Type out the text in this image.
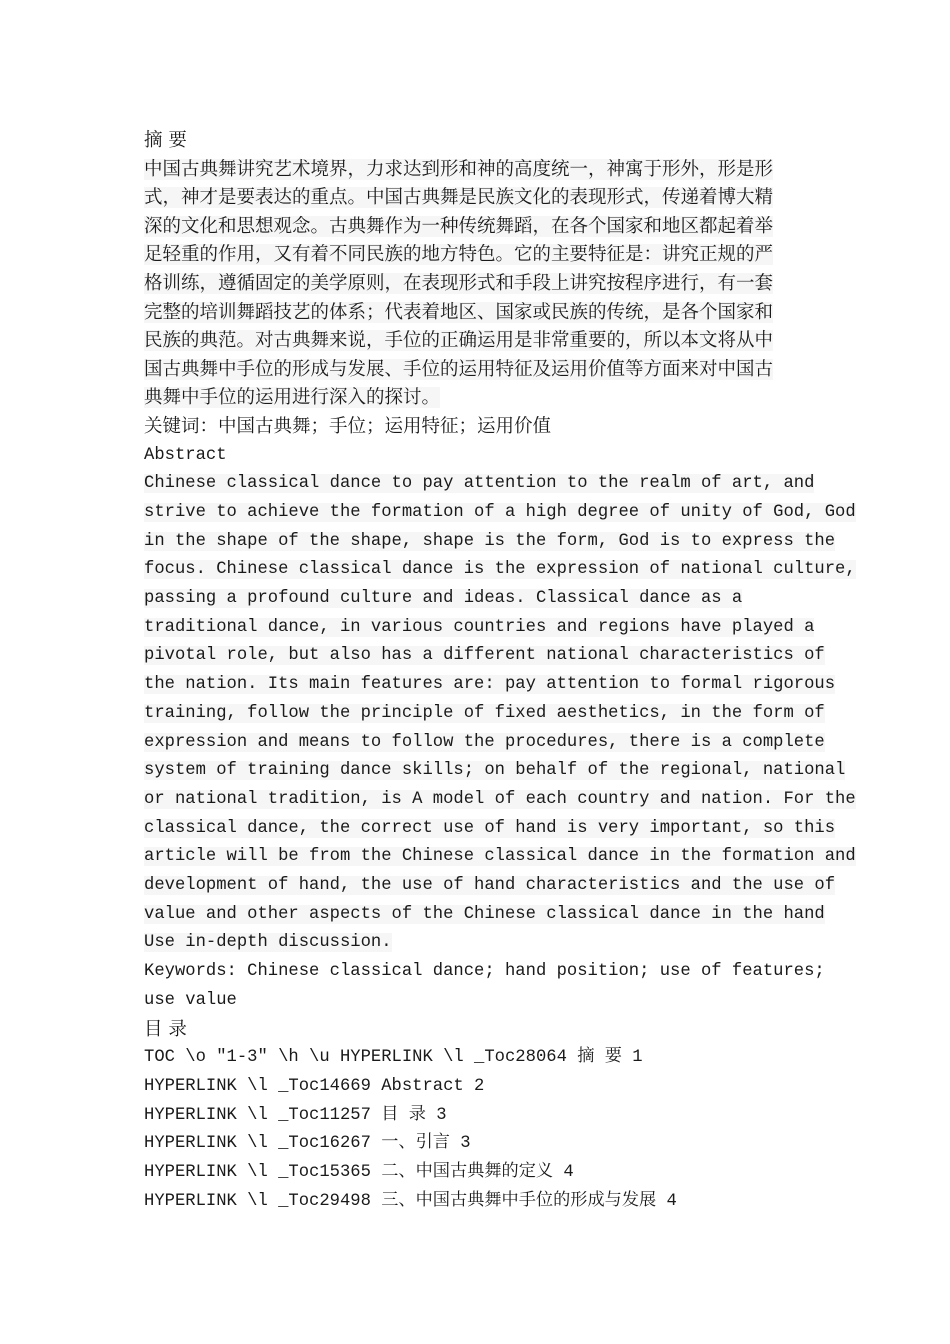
摘 要

中国古典舞讲究艺术境界，力求达到形和神的高度统一，神寓于形外，形是形
式，神才是要表达的重点。中国古典舞是民族文化的表现形式，传递着博大精
深的文化和思想观念。古典舞作为一种传统舞蹈，在各个国家和地区都起着举
足轻重的作用，又有着不同民族的地方特色。它的主要特征是：讲究正规的严
格训练，遵循固定的美学原则，在表现形式和手段上讲究按程序进行，有一套
完整的培训舞蹈技艺的体系；代表着地区、国家或民族的传统，是各个国家和
民族的典范。对古典舞来说，手位的正确运用是非常重要的，所以本文将从中
国古典舞中手位的形成与发展、手位的运用特征及运用价值等方面来对中国古
典舞中手位的运用进行深入的探讨。

关键词：中国古典舞；手位；运用特征；运用价值

Abstract

Chinese classical dance to pay attention to the realm of art, and
strive to achieve the formation of a high degree of unity of God, God
in the shape of the shape, shape is the form, God is to express the
focus. Chinese classical dance is the expression of national culture,
passing a profound culture and ideas. Classical dance as a
traditional dance, in various countries and regions have played a
pivotal role, but also has a different national characteristics of
the nation. Its main features are: pay attention to formal rigorous
training, follow the principle of fixed aesthetics, in the form of
expression and means to follow the procedures, there is a complete
system of training dance skills; on behalf of the regional, national
or national tradition, is A model of each country and nation. For the
classical dance, the correct use of hand is very important, so this
article will be from the Chinese classical dance in the formation and
development of hand, the use of hand characteristics and the use of
value and other aspects of the Chinese classical dance in the hand
Use in-depth discussion.
Keywords: Chinese classical dance; hand position; use of features;
use value

目 录

TOC \o "1-3" \h \u HYPERLINK \l _Toc28064 摘 要 1
HYPERLINK \l _Toc14669 Abstract 2
HYPERLINK \l _Toc11257 目 录 3
HYPERLINK \l _Toc16267 一、引言 3
HYPERLINK \l _Toc15365 二、中国古典舞的定义 4
HYPERLINK \l _Toc29498 三、中国古典舞中手位的形成与发展 4
